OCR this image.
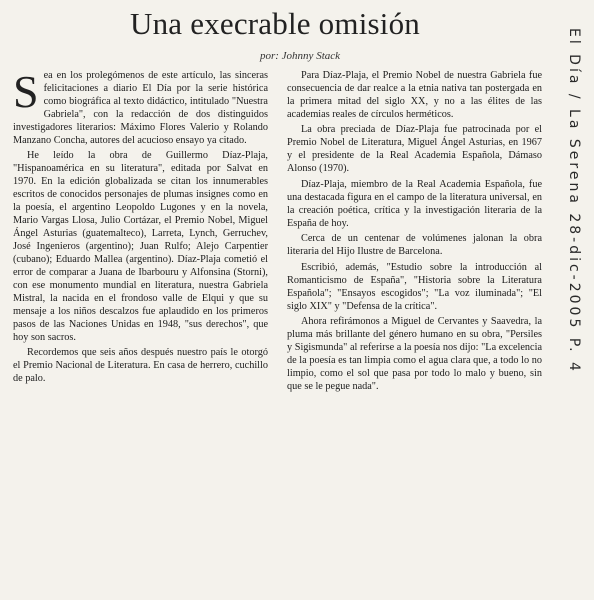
Una execrable omisión
por: Johnny Stack

Sea en los prolegómenos de este artículo, las sinceras felicitaciones a diario El Día por la serie histórica como biográfica al texto didáctico, intitulado "Nuestra Gabriela", con la redacción de dos distinguidos investigadores literarios: Máximo Flores Valerio y Rolando Manzano Concha, autores del acucioso ensayo ya citado.

He leído la obra de Guillermo Díaz-Plaja, "Hispanoamérica en su literatura", editada por Salvat en 1970. En la edición globalizada se citan los innumerables escritos de conocidos personajes de plumas insignes como en la poesía, el argentino Leopoldo Lugones y en la novela, Mario Vargas Llosa, Julio Cortázar, el Premio Nobel, Miguel Ángel Asturias (guatemalteco), Larreta, Lynch, Gerruchev, José Ingenieros (argentino); Juan Rulfo; Alejo Carpentier (cubano); Eduardo Mallea (argentino). Díaz-Plaja cometió el error de comparar a Juana de Ibarbouru y Alfonsina (Storni), con ese monumento mundial en literatura, nuestra Gabriela Mistral, la nacida en el frondoso valle de Elqui y que su mensaje a los niños descalzos fue aplaudido en los primeros pasos de las Naciones Unidas en 1948, "sus derechos", que hoy son sacros.

Recordemos que seis años después nuestro país le otorgó el Premio Nacional de Literatura. En casa de herrero, cuchillo de palo.

Para Díaz-Plaja, el Premio Nobel de nuestra Gabriela fue consecuencia de dar realce a la etnia nativa tan postergada en la primera mitad del siglo XX, y no a las élites de las academias reales de círculos herméticos.

La obra preciada de Díaz-Plaja fue patrocinada por el Premio Nobel de Literatura, Miguel Ángel Asturias, en 1967 y el presidente de la Real Academia Española, Dámaso Alonso (1970).

Díaz-Plaja, miembro de la Real Academia Española, fue una destacada figura en el campo de la literatura universal, en la creación poética, crítica y la investigación literaria de la España de hoy.

Cerca de un centenar de volúmenes jalonan la obra literaria del Hijo Ilustre de Barcelona.

Escribió, además, "Estudio sobre la introducción al Romanticismo de España", "Historia sobre la Literatura Española"; "Ensayos escogidos"; "La voz iluminada"; "El siglo XIX" y "Defensa de la crítica".

Ahora refirámonos a Miguel de Cervantes y Saavedra, la pluma más brillante del género humano en su obra, "Persiles y Sigismunda" al referirse a la poesía nos dijo: "La excelencia de la poesía es tan limpia como el agua clara que, a todo lo no limpio, como el sol que pasa por todo lo malo y bueno, sin que se le pegue nada".

El Día / La Serena 28-dic-2005 P. 4
